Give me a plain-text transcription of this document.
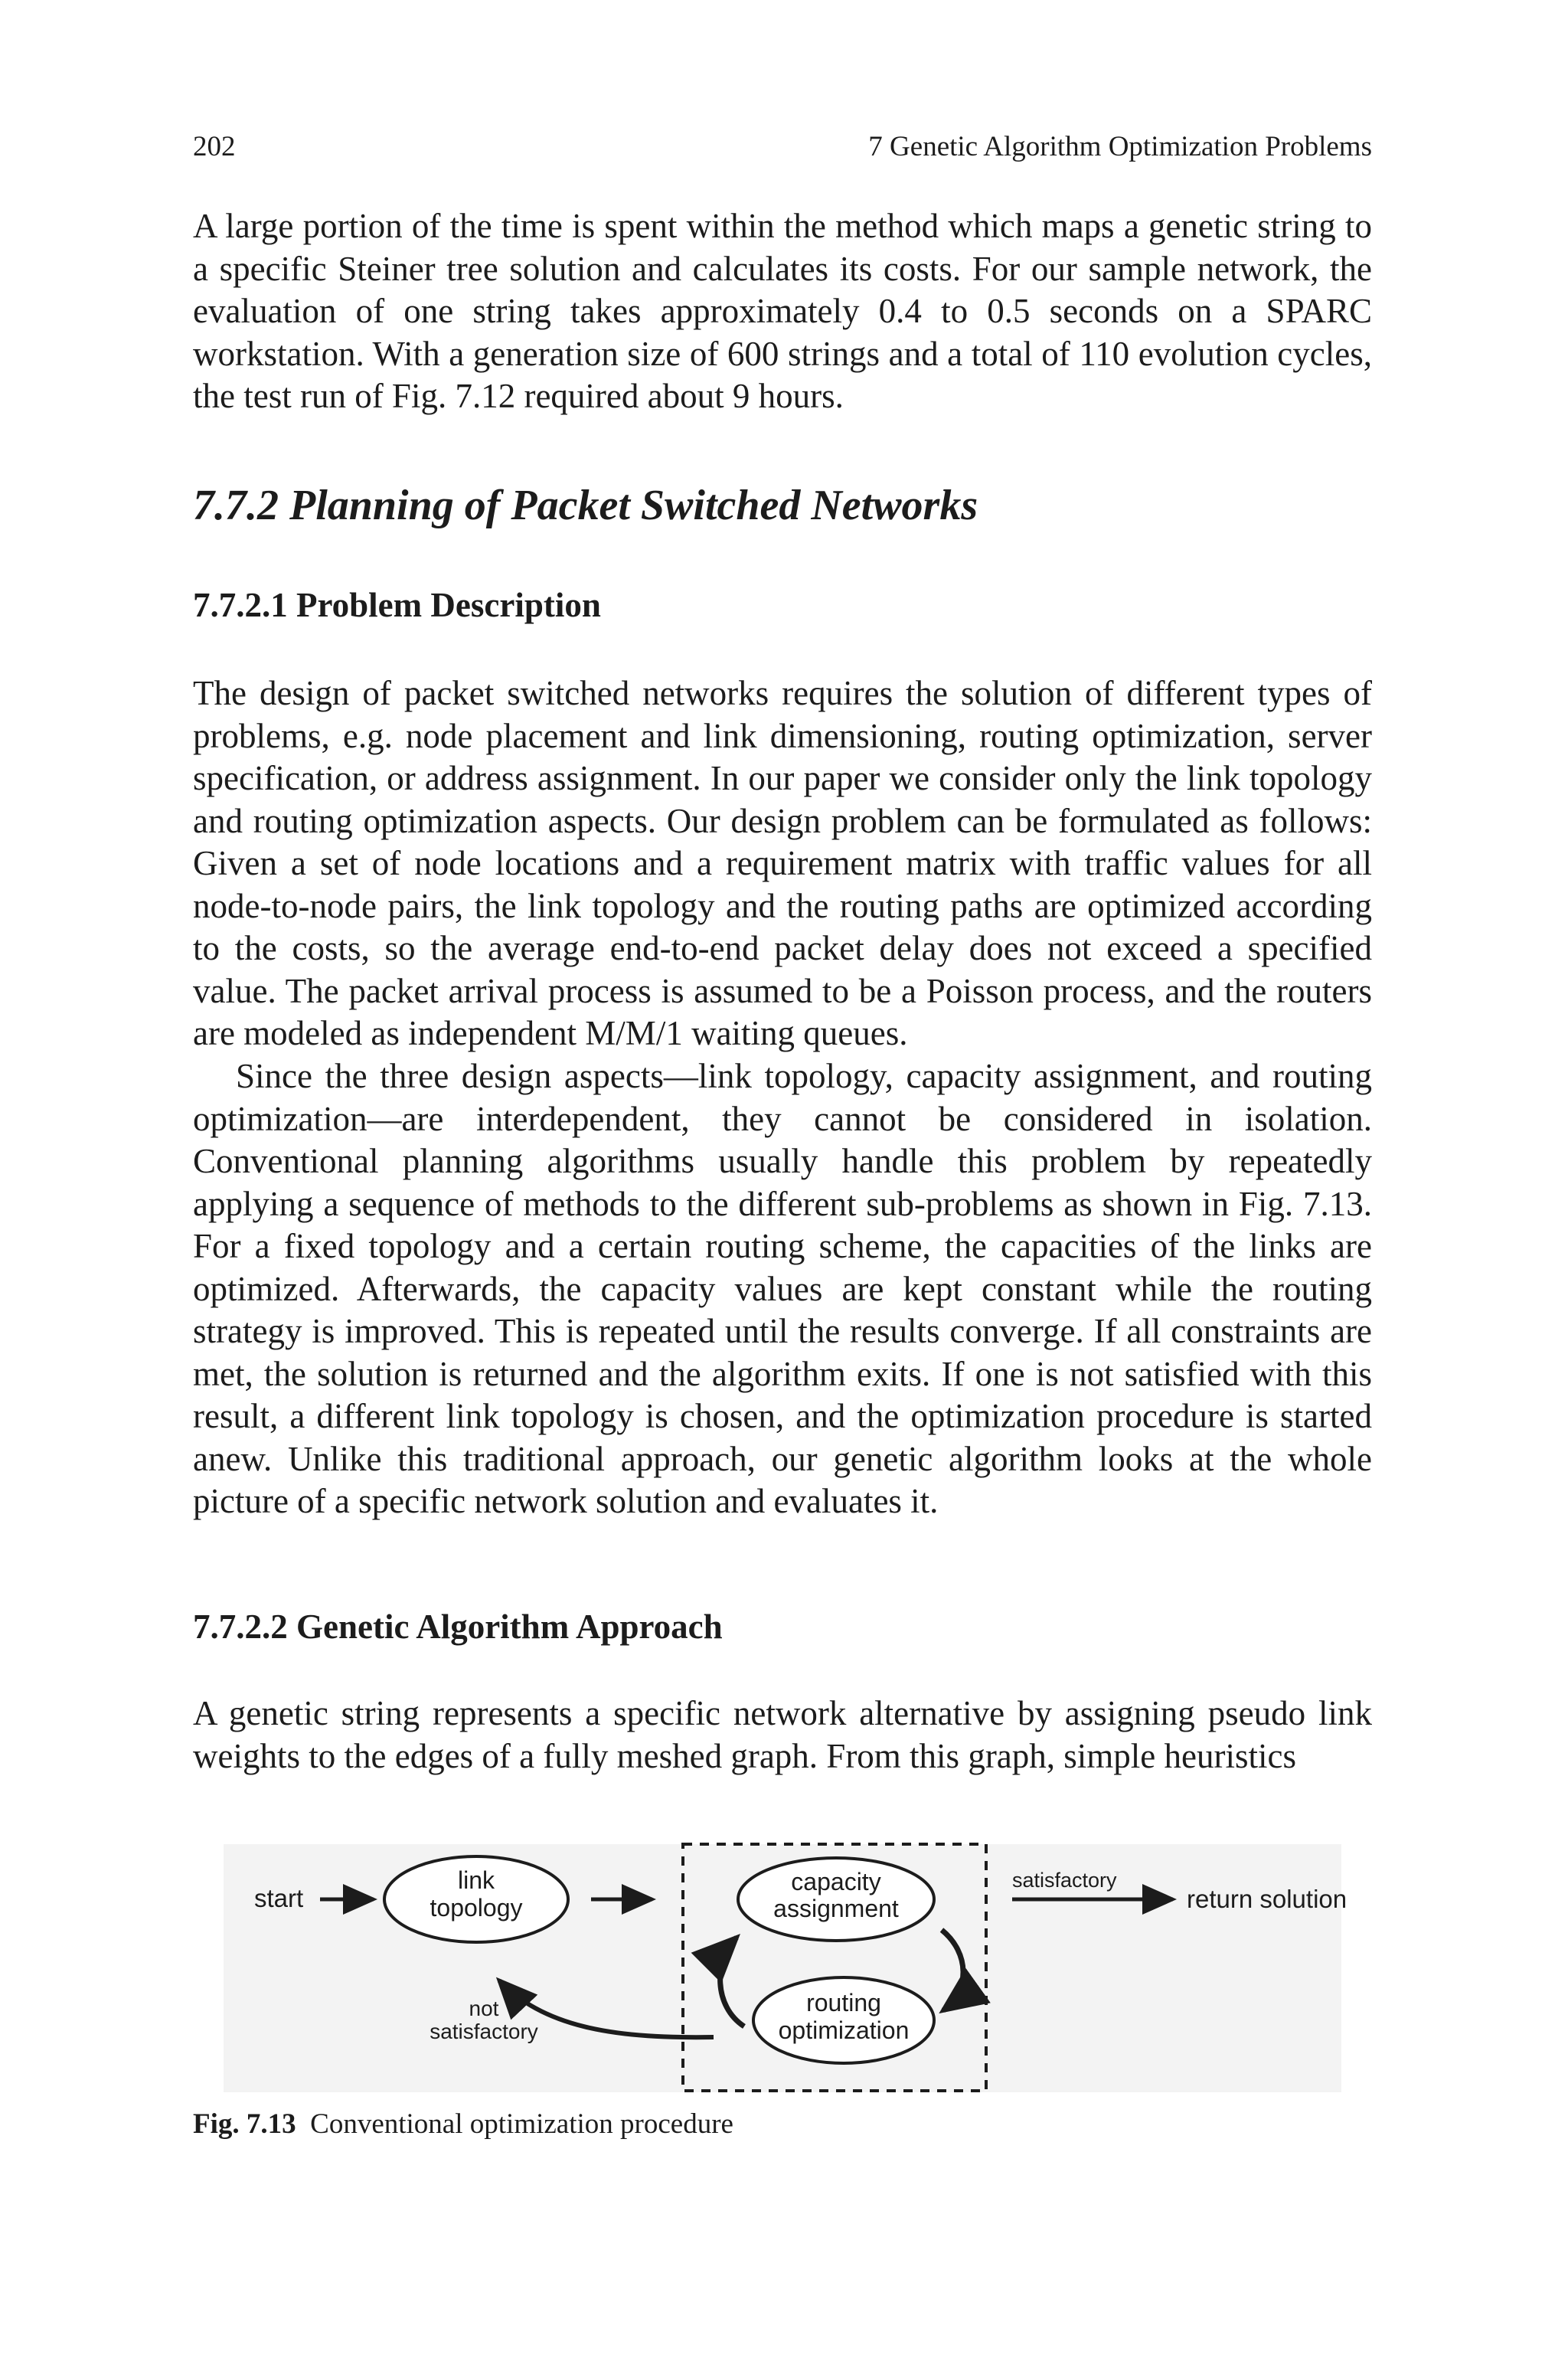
202	7 Genetic Algorithm Optimization Problems

A large portion of the time is spent within the method which maps a genetic string to a specific Steiner tree solution and calculates its costs. For our sample network, the evaluation of one string takes approximately 0.4 to 0.5 seconds on a SPARC workstation. With a generation size of 600 strings and a total of 110 evolution cycles, the test run of Fig. 7.12 required about 9 hours.

7.7.2 Planning of Packet Switched Networks
7.7.2.1 Problem Description

The design of packet switched networks requires the solution of different types of problems, e.g. node placement and link dimensioning, routing optimization, server specification, or address assignment. In our paper we consider only the link topology and routing optimization aspects. Our design problem can be formulated as follows: Given a set of node locations and a requirement matrix with traffic values for all node-to-node pairs, the link topology and the routing paths are optimized according to the costs, so the average end-to-end packet delay does not exceed a specified value. The packet arrival process is assumed to be a Poisson process, and the routers are modeled as independent M/M/1 waiting queues.

Since the three design aspects—link topology, capacity assignment, and routing optimization—are interdependent, they cannot be considered in isolation. Conventional planning algorithms usually handle this problem by repeatedly applying a sequence of methods to the different sub-problems as shown in Fig. 7.13. For a fixed topology and a certain routing scheme, the capacities of the links are optimized. Afterwards, the capacity values are kept constant while the routing strategy is improved. This is repeated until the results converge. If all constraints are met, the solution is returned and the algorithm exits. If one is not satisfied with this result, a different link topology is chosen, and the optimization procedure is started anew. Unlike this traditional approach, our genetic algorithm looks at the whole picture of a specific network solution and evaluates it.

7.7.2.2 Genetic Algorithm Approach

A genetic string represents a specific network alternative by assigning pseudo link weights to the edges of a fully meshed graph. From this graph, simple heuristics

start
link
topology
capacity
assignment
routing
optimization
satisfactory
return solution
not
satisfactory
Fig. 7.13 Conventional optimization procedure
